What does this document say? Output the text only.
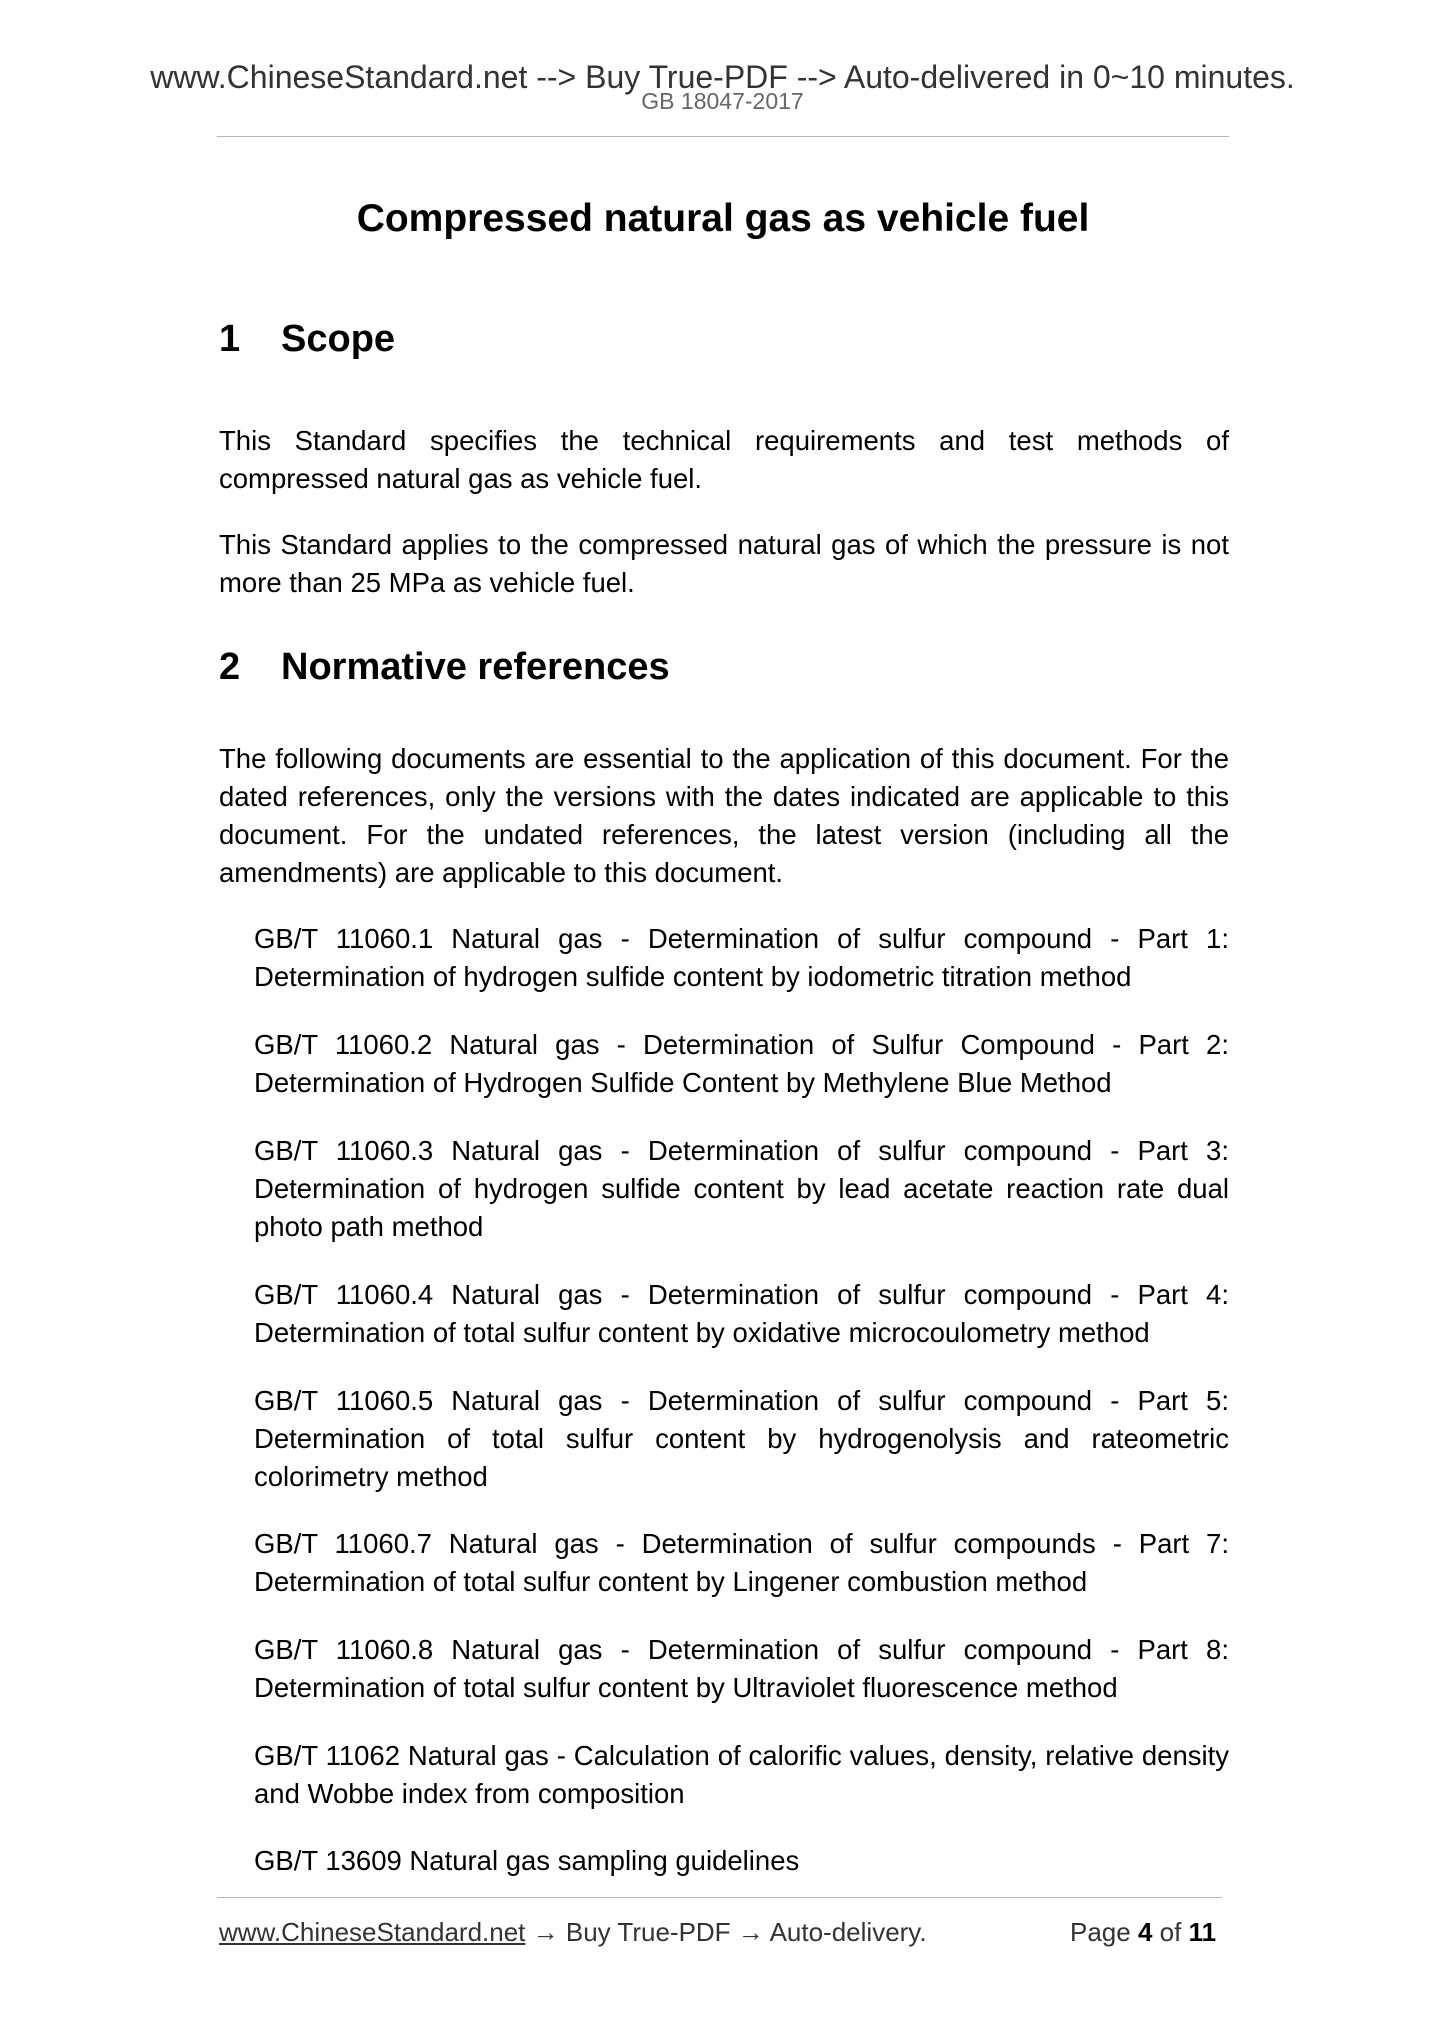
www.ChineseStandard.net --> Buy True-PDF --> Auto-delivered in 0~10 minutes.
GB 18047-2017
Compressed natural gas as vehicle fuel
1 Scope

This Standard specifies the technical requirements and test methods of compressed natural gas as vehicle fuel.

This Standard applies to the compressed natural gas of which the pressure is not more than 25 MPa as vehicle fuel.

2 Normative references

The following documents are essential to the application of this document. For the dated references, only the versions with the dates indicated are applicable to this document. For the undated references, the latest version (including all the amendments) are applicable to this document.

GB/T 11060.1 Natural gas - Determination of sulfur compound - Part 1: Determination of hydrogen sulfide content by iodometric titration method

GB/T 11060.2 Natural gas - Determination of Sulfur Compound - Part 2: Determination of Hydrogen Sulfide Content by Methylene Blue Method

GB/T 11060.3 Natural gas - Determination of sulfur compound - Part 3: Determination of hydrogen sulfide content by lead acetate reaction rate dual photo path method

GB/T 11060.4 Natural gas - Determination of sulfur compound - Part 4: Determination of total sulfur content by oxidative microcoulometry method

GB/T 11060.5 Natural gas - Determination of sulfur compound - Part 5: Determination of total sulfur content by hydrogenolysis and rateometric colorimetry method

GB/T 11060.7 Natural gas - Determination of sulfur compounds - Part 7: Determination of total sulfur content by Lingener combustion method

GB/T 11060.8 Natural gas - Determination of sulfur compound - Part 8: Determination of total sulfur content by Ultraviolet fluorescence method

GB/T 11062 Natural gas - Calculation of calorific values, density, relative density and Wobbe index from composition

GB/T 13609 Natural gas sampling guidelines

www.ChineseStandard.net → Buy True-PDF → Auto-delivery.	Page 4 of 11
